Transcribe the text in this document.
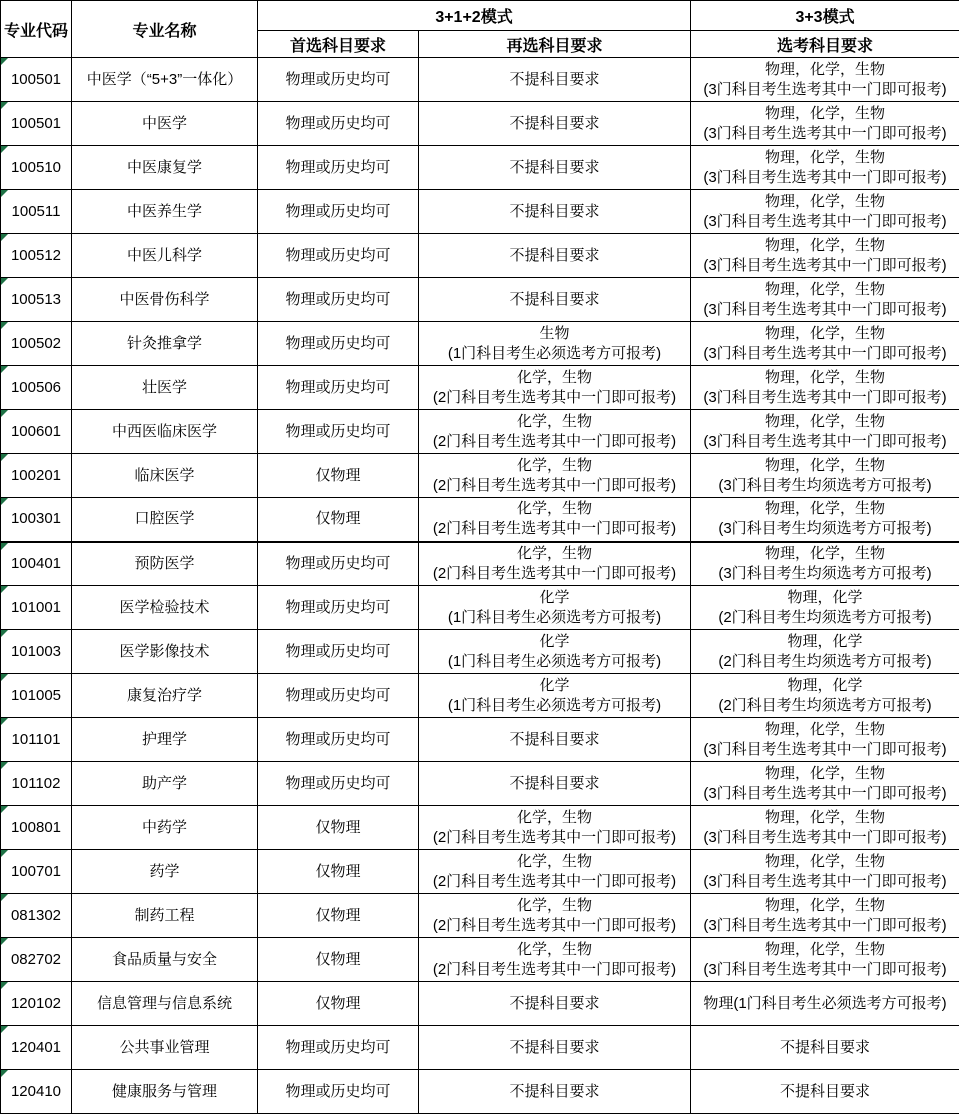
专业代码	专业名称	3+1+2模式		3+3模式
		首选科目要求	再选科目要求	选考科目要求

100501	中医学（“5+3”一体化）	物理或历史均可	不提科目要求	物理，化学，生物
(3门科目考生选考其中一门即可报考)

100501	中医学	物理或历史均可	不提科目要求	物理，化学，生物
(3门科目考生选考其中一门即可报考)

100510	中医康复学	物理或历史均可	不提科目要求	物理，化学，生物
(3门科目考生选考其中一门即可报考)

100511	中医养生学	物理或历史均可	不提科目要求	物理，化学，生物
(3门科目考生选考其中一门即可报考)

100512	中医儿科学	物理或历史均可	不提科目要求	物理，化学，生物
(3门科目考生选考其中一门即可报考)

100513	中医骨伤科学	物理或历史均可	不提科目要求	物理，化学，生物
(3门科目考生选考其中一门即可报考)

100502	针灸推拿学	物理或历史均可	生物
(1门科目考生必须选考方可报考)	物理，化学，生物
(3门科目考生选考其中一门即可报考)

100506	壮医学	物理或历史均可	化学，生物
(2门科目考生选考其中一门即可报考)	物理，化学，生物
(3门科目考生选考其中一门即可报考)

100601	中西医临床医学	物理或历史均可	化学，生物
(2门科目考生选考其中一门即可报考)	物理，化学，生物
(3门科目考生选考其中一门即可报考)

100201	临床医学	仅物理	化学，生物
(2门科目考生选考其中一门即可报考)	物理，化学，生物
(3门科目考生均须选考方可报考)

100301	口腔医学	仅物理	化学，生物
(2门科目考生选考其中一门即可报考)	物理，化学，生物
(3门科目考生均须选考方可报考)

100401	预防医学	物理或历史均可	化学，生物
(2门科目考生选考其中一门即可报考)	物理，化学，生物
(3门科目考生均须选考方可报考)

101001	医学检验技术	物理或历史均可	化学
(1门科目考生必须选考方可报考)	物理，化学
(2门科目考生均须选考方可报考)

101003	医学影像技术	物理或历史均可	化学
(1门科目考生必须选考方可报考)	物理，化学
(2门科目考生均须选考方可报考)

101005	康复治疗学	物理或历史均可	化学
(1门科目考生必须选考方可报考)	物理，化学
(2门科目考生均须选考方可报考)

101101	护理学	物理或历史均可	不提科目要求	物理，化学，生物
(3门科目考生选考其中一门即可报考)

101102	助产学	物理或历史均可	不提科目要求	物理，化学，生物
(3门科目考生选考其中一门即可报考)

100801	中药学	仅物理	化学，生物
(2门科目考生选考其中一门即可报考)	物理，化学，生物
(3门科目考生选考其中一门即可报考)

100701	药学	仅物理	化学，生物
(2门科目考生选考其中一门即可报考)	物理，化学，生物
(3门科目考生选考其中一门即可报考)

081302	制药工程	仅物理	化学，生物
(2门科目考生选考其中一门即可报考)	物理，化学，生物
(3门科目考生选考其中一门即可报考)

082702	食品质量与安全	仅物理	化学，生物
(2门科目考生选考其中一门即可报考)	物理，化学，生物
(3门科目考生选考其中一门即可报考)

120102	信息管理与信息系统	仅物理	不提科目要求	物理(1门科目考生必须选考方可报考)

120401	公共事业管理	物理或历史均可	不提科目要求	不提科目要求

120410	健康服务与管理	物理或历史均可	不提科目要求	不提科目要求
